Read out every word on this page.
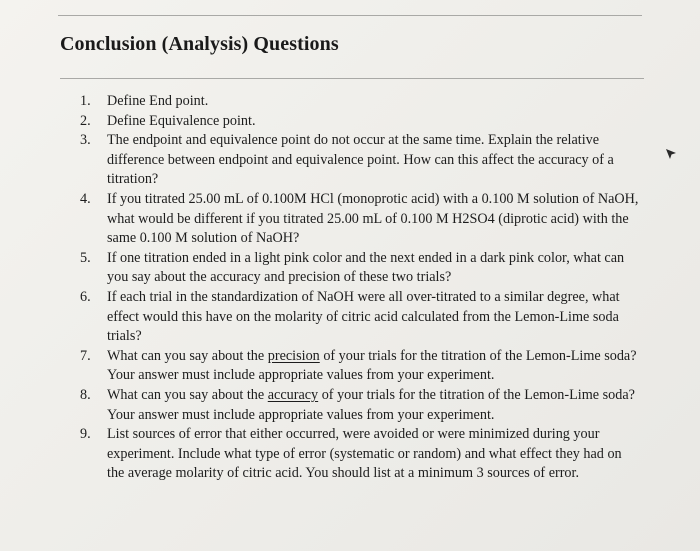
Conclusion (Analysis) Questions
1.	Define End point.
2.	Define Equivalence point.
3.	The endpoint and equivalence point do not occur at the same time. Explain the relative difference between endpoint and equivalence point. How can this affect the accuracy of a titration?
4.	If you titrated 25.00 mL of 0.100M HCl (monoprotic acid) with a 0.100 M solution of NaOH, what would be different if you titrated 25.00 mL of 0.100 M H2SO4 (diprotic acid) with the same 0.100 M solution of NaOH?
5.	If one titration ended in a light pink color and the next ended in a dark pink color, what can you say about the accuracy and precision of these two trials?
6.	If each trial in the standardization of NaOH were all over-titrated to a similar degree, what effect would this have on the molarity of citric acid calculated from the Lemon-Lime soda trials?
7.	What can you say about the precision of your trials for the titration of the Lemon-Lime soda? Your answer must include appropriate values from your experiment.
8.	What can you say about the accuracy of your trials for the titration of the Lemon-Lime soda? Your answer must include appropriate values from your experiment.
9.	List sources of error that either occurred, were avoided or were minimized during your experiment. Include what type of error (systematic or random) and what effect they had on the average molarity of citric acid. You should list at a minimum 3 sources of error.
